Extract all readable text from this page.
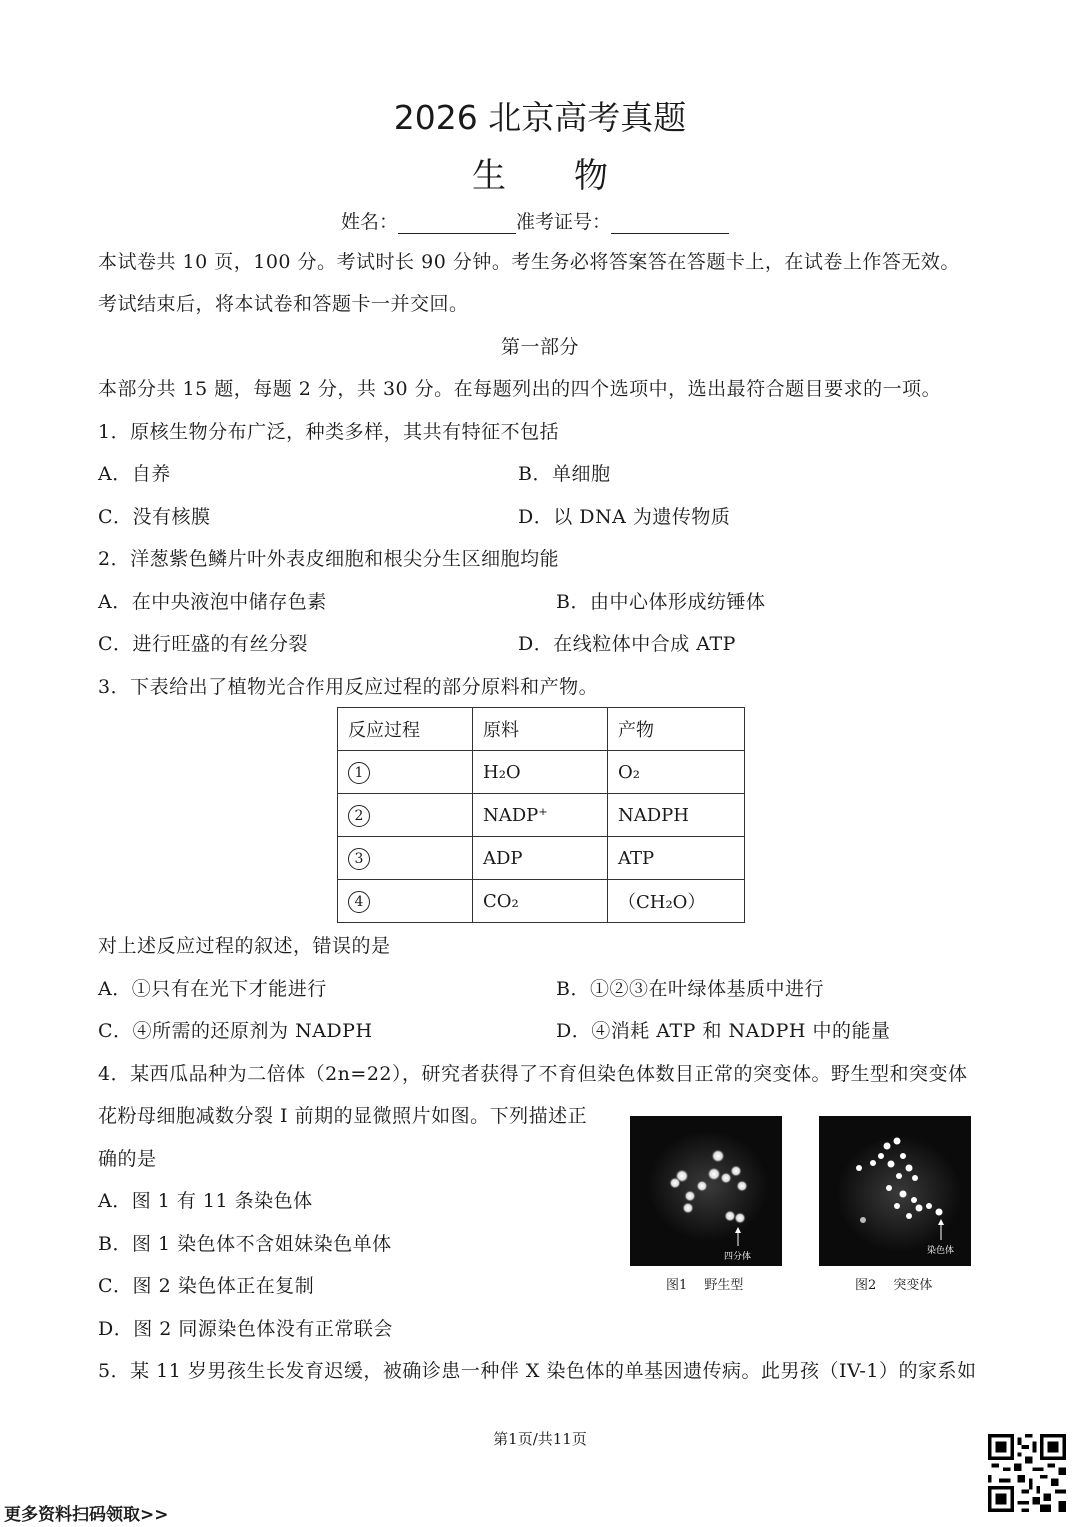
2026 北京高考真题
生　　物
姓名：	准考证号：
本试卷共 10 页，100 分。考试时长 90 分钟。考生务必将答案答在答题卡上，在试卷上作答无效。
考试结束后，将本试卷和答题卡一并交回。
第一部分
本部分共 15 题，每题 2 分，共 30 分。在每题列出的四个选项中，选出最符合题目要求的一项。
1．原核生物分布广泛，种类多样，其共有特征不包括
A．自养	B．单细胞
C．没有核膜	D．以 DNA 为遗传物质
2．洋葱紫色鳞片叶外表皮细胞和根尖分生区细胞均能
A．在中央液泡中储存色素	B．由中心体形成纺锤体
C．进行旺盛的有丝分裂	D．在线粒体中合成 ATP
3．下表给出了植物光合作用反应过程的部分原料和产物。
反应过程	原料	产物
1	H₂O	O₂
2	NADP⁺	NADPH
3	ADP	ATP
4	CO₂	（CH₂O）
对上述反应过程的叙述，错误的是
A．①只有在光下才能进行	B．①②③在叶绿体基质中进行
C．④所需的还原剂为 NADPH	D．④消耗 ATP 和 NADPH 中的能量
4．某西瓜品种为二倍体（2n=22），研究者获得了不育但染色体数目正常的突变体。野生型和突变体
花粉母细胞减数分裂 I 前期的显微照片如图。下列描述正
确的是
A．图 1 有 11 条染色体
B．图 1 染色体不含姐妹染色单体
C．图 2 染色体正在复制
D．图 2 同源染色体没有正常联会
四分体
图1　 野生型
染色体
图2　 突变体
5．某 11 岁男孩生长发育迟缓，被确诊患一种伴 X 染色体的单基因遗传病。此男孩（IV-1）的家系如
第1页/共11页
更多资料扫码领取>>
